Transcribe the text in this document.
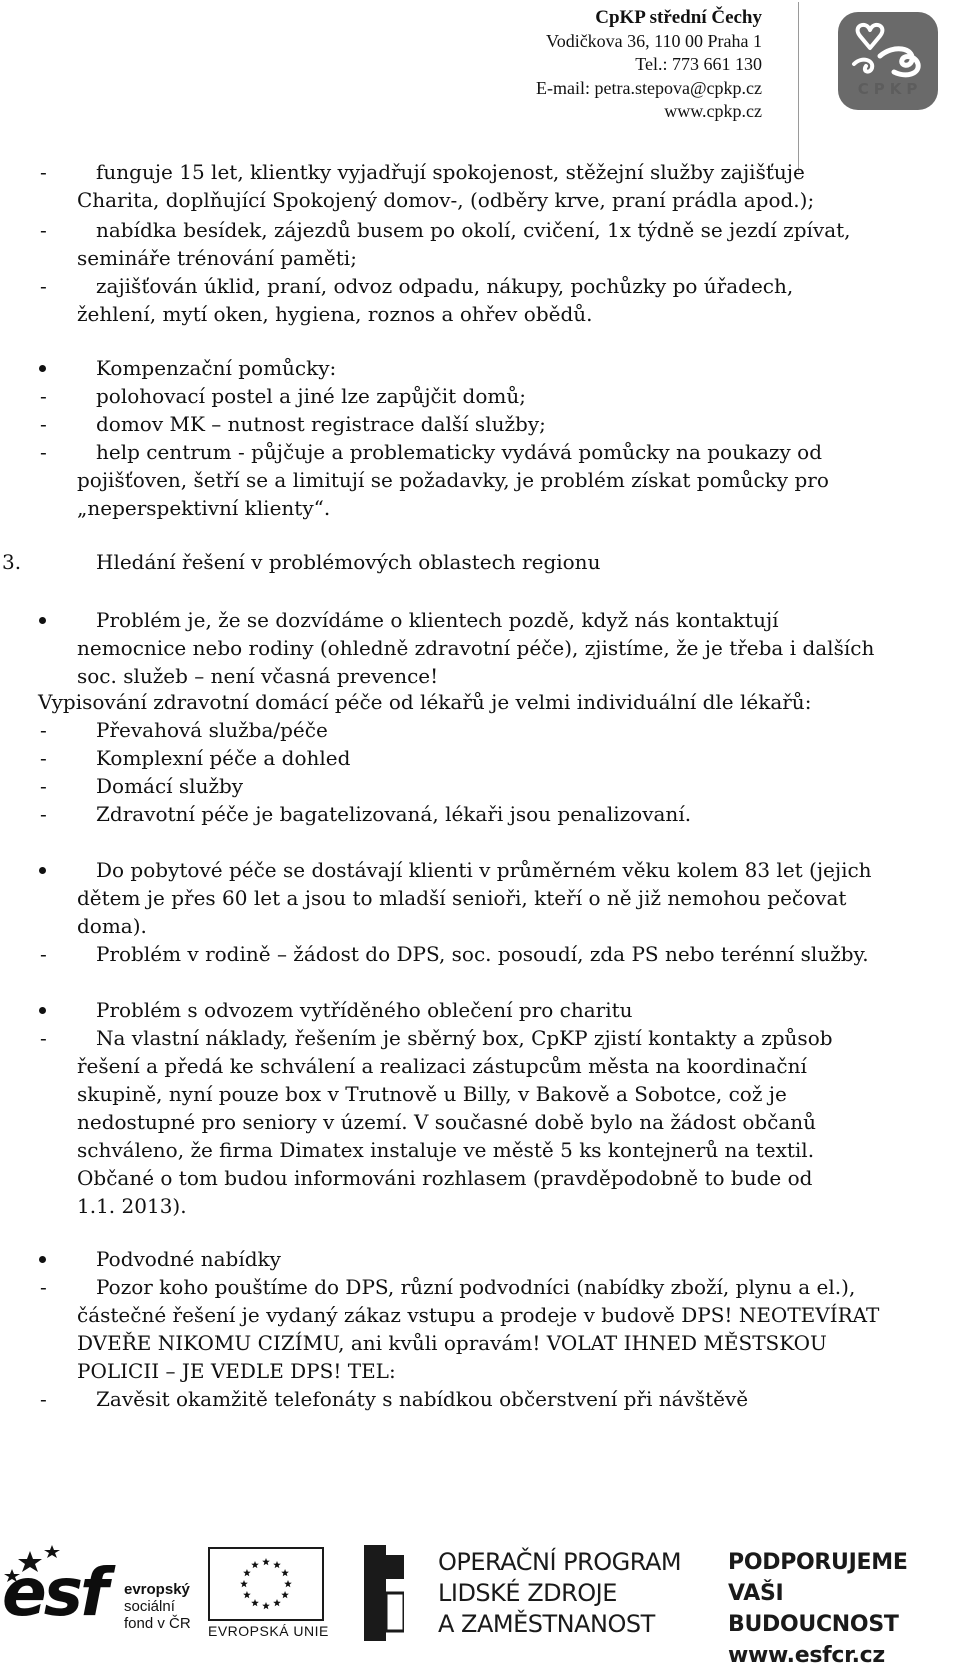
CpKP střední Čechy
Vodičkova 36, 110 00 Praha 1
Tel.: 773 661 130
E-mail: petra.stepova@cpkp.cz
www.cpkp.cz
CPKP
- funguje 15 let, klientky vyjadřují spokojenost, stěžejní služby zajišťuje
Charita, doplňující Spokojený domov-, (odběry krve, praní prádla apod.);
- nabídka besídek, zájezdů busem po okolí, cvičení, 1x týdně se jezdí zpívat,
semináře trénování paměti;
- zajišťován úklid, praní, odvoz odpadu, nákupy, pochůzky po úřadech,
žehlení, mytí oken, hygiena, roznos a ohřev obědů.
Kompenzační pomůcky:
- polohovací postel a jiné lze zapůjčit domů;
- domov MK – nutnost registrace další služby;
- help centrum - půjčuje a problematicky vydává pomůcky na poukazy od
pojišťoven, šetří se a limitují se požadavky, je problém získat pomůcky pro
„neperspektivní klienty“.
3.	Hledání řešení v problémových oblastech regionu
Problém je, že se dozvídáme o klientech pozdě, když nás kontaktují
nemocnice nebo rodiny (ohledně zdravotní péče), zjistíme, že je třeba i dalších
soc. služeb – není včasná prevence!
Vypisování zdravotní domácí péče od lékařů je velmi individuální dle lékařů:
- Převahová služba/péče
- Komplexní péče a dohled
- Domácí služby
- Zdravotní péče je bagatelizovaná, lékaři jsou penalizovaní.
Do pobytové péče se dostávají klienti v průměrném věku kolem 83 let (jejich
dětem je přes 60 let a jsou to mladší senioři, kteří o ně již nemohou pečovat
doma).
- Problém v rodině – žádost do DPS, soc. posoudí, zda PS nebo terénní služby.
Problém s odvozem vytříděného oblečení pro charitu
- Na vlastní náklady, řešením je sběrný box, CpKP zjistí kontakty a způsob
řešení a předá ke schválení a realizaci zástupcům města na koordinační
skupině, nyní pouze box v Trutnově u Billy, v Bakově a Sobotce, což je
nedostupné pro seniory v území. V současné době bylo na žádost občanů
schváleno, že firma Dimatex instaluje ve městě 5 ks kontejnerů na textil.
Občané o tom budou informováni rozhlasem (pravděpodobně to bude od
1.1. 2013).
Podvodné nabídky
- Pozor koho pouštíme do DPS, různí podvodníci (nabídky zboží, plynu a el.),
částečné řešení je vydaný zákaz vstupu a prodeje v budově DPS! NEOTEVÍRAT
DVEŘE NIKOMU CIZÍMU, ani kvůli opravám! VOLAT IHNED MĚSTSKOU
POLICII – JE VEDLE DPS! TEL:
- Zavěsit okamžitě telefonáty s nabídkou občerstvení při návštěvě
esf evropský
sociální
fond v ČR EVROPSKÁ UNIE
OPERAČNÍ PROGRAM
LIDSKÉ ZDROJE
A ZAMĚSTNANOST
PODPORUJEME
VAŠI BUDOUCNOST
www.esfcr.cz
